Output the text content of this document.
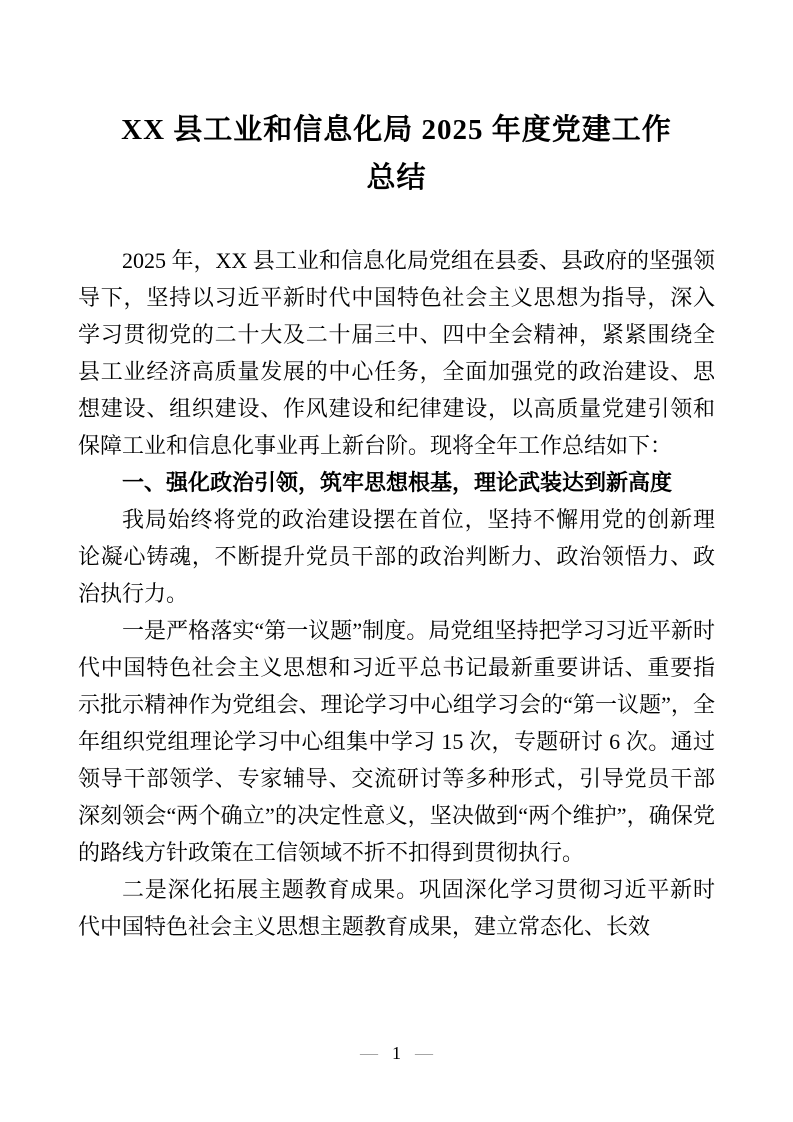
XX 县工业和信息化局 2025 年度党建工作
总结

2025 年，XX 县工业和信息化局党组在县委、县政府的坚强领导下，坚持以习近平新时代中国特色社会主义思想为指导，深入学习贯彻党的二十大及二十届三中、四中全会精神，紧紧围绕全县工业经济高质量发展的中心任务，全面加强党的政治建设、思想建设、组织建设、作风建设和纪律建设，以高质量党建引领和保障工业和信息化事业再上新台阶。现将全年工作总结如下：

一、强化政治引领，筑牢思想根基，理论武装达到新高度

我局始终将党的政治建设摆在首位，坚持不懈用党的创新理论凝心铸魂，不断提升党员干部的政治判断力、政治领悟力、政治执行力。

一是严格落实“第一议题”制度。局党组坚持把学习习近平新时代中国特色社会主义思想和习近平总书记最新重要讲话、重要指示批示精神作为党组会、理论学习中心组学习会的“第一议题”，全年组织党组理论学习中心组集中学习 15 次，专题研讨 6 次。通过领导干部领学、专家辅导、交流研讨等多种形式，引导党员干部深刻领会“两个确立”的决定性意义，坚决做到“两个维护”，确保党的路线方针政策在工信领域不折不扣得到贯彻执行。

二是深化拓展主题教育成果。巩固深化学习贯彻习近平新时代中国特色社会主义思想主题教育成果，建立常态化、长效

— 1 —
